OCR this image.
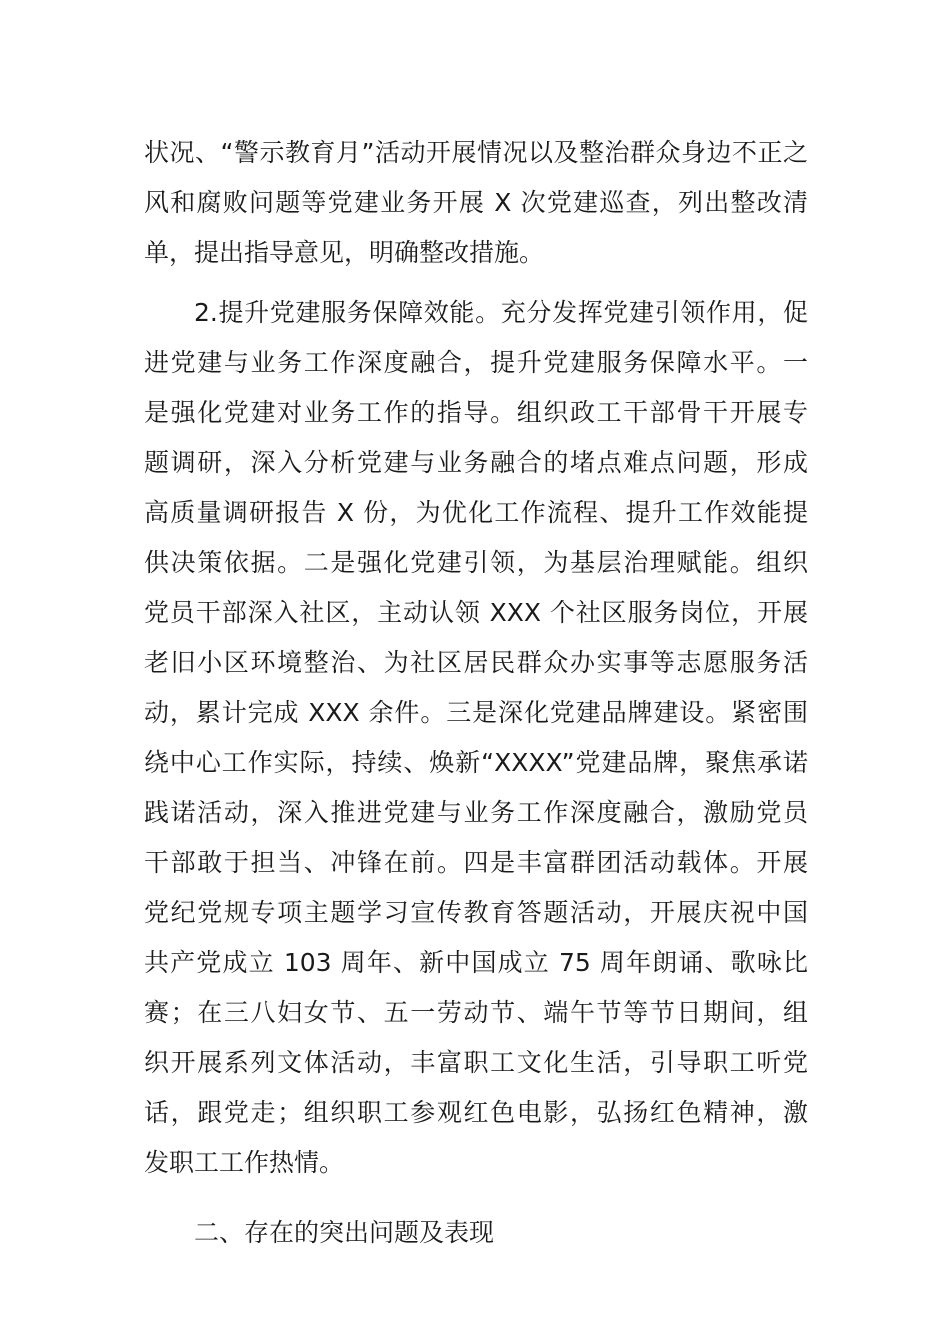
状况、“警示教育月”活动开展情况以及整治群众身边不正之
风和腐败问题等党建业务开展 X 次党建巡查，列出整改清
单，提出指导意见，明确整改措施。
2.提升党建服务保障效能。充分发挥党建引领作用，促
进党建与业务工作深度融合，提升党建服务保障水平。一
是强化党建对业务工作的指导。组织政工干部骨干开展专
题调研，深入分析党建与业务融合的堵点难点问题，形成
高质量调研报告 X 份，为优化工作流程、提升工作效能提
供决策依据。二是强化党建引领，为基层治理赋能。组织
党员干部深入社区，主动认领 XXX 个社区服务岗位，开展
老旧小区环境整治、为社区居民群众办实事等志愿服务活
动，累计完成 XXX 余件。三是深化党建品牌建设。紧密围
绕中心工作实际，持续、焕新“XXXX”党建品牌，聚焦承诺
践诺活动，深入推进党建与业务工作深度融合，激励党员
干部敢于担当、冲锋在前。四是丰富群团活动载体。开展
党纪党规专项主题学习宣传教育答题活动，开展庆祝中国
共产党成立 103 周年、新中国成立 75 周年朗诵、歌咏比
赛；在三八妇女节、五一劳动节、端午节等节日期间，组
织开展系列文体活动，丰富职工文化生活，引导职工听党
话，跟党走；组织职工参观红色电影，弘扬红色精神，激
发职工工作热情。
二、存在的突出问题及表现
